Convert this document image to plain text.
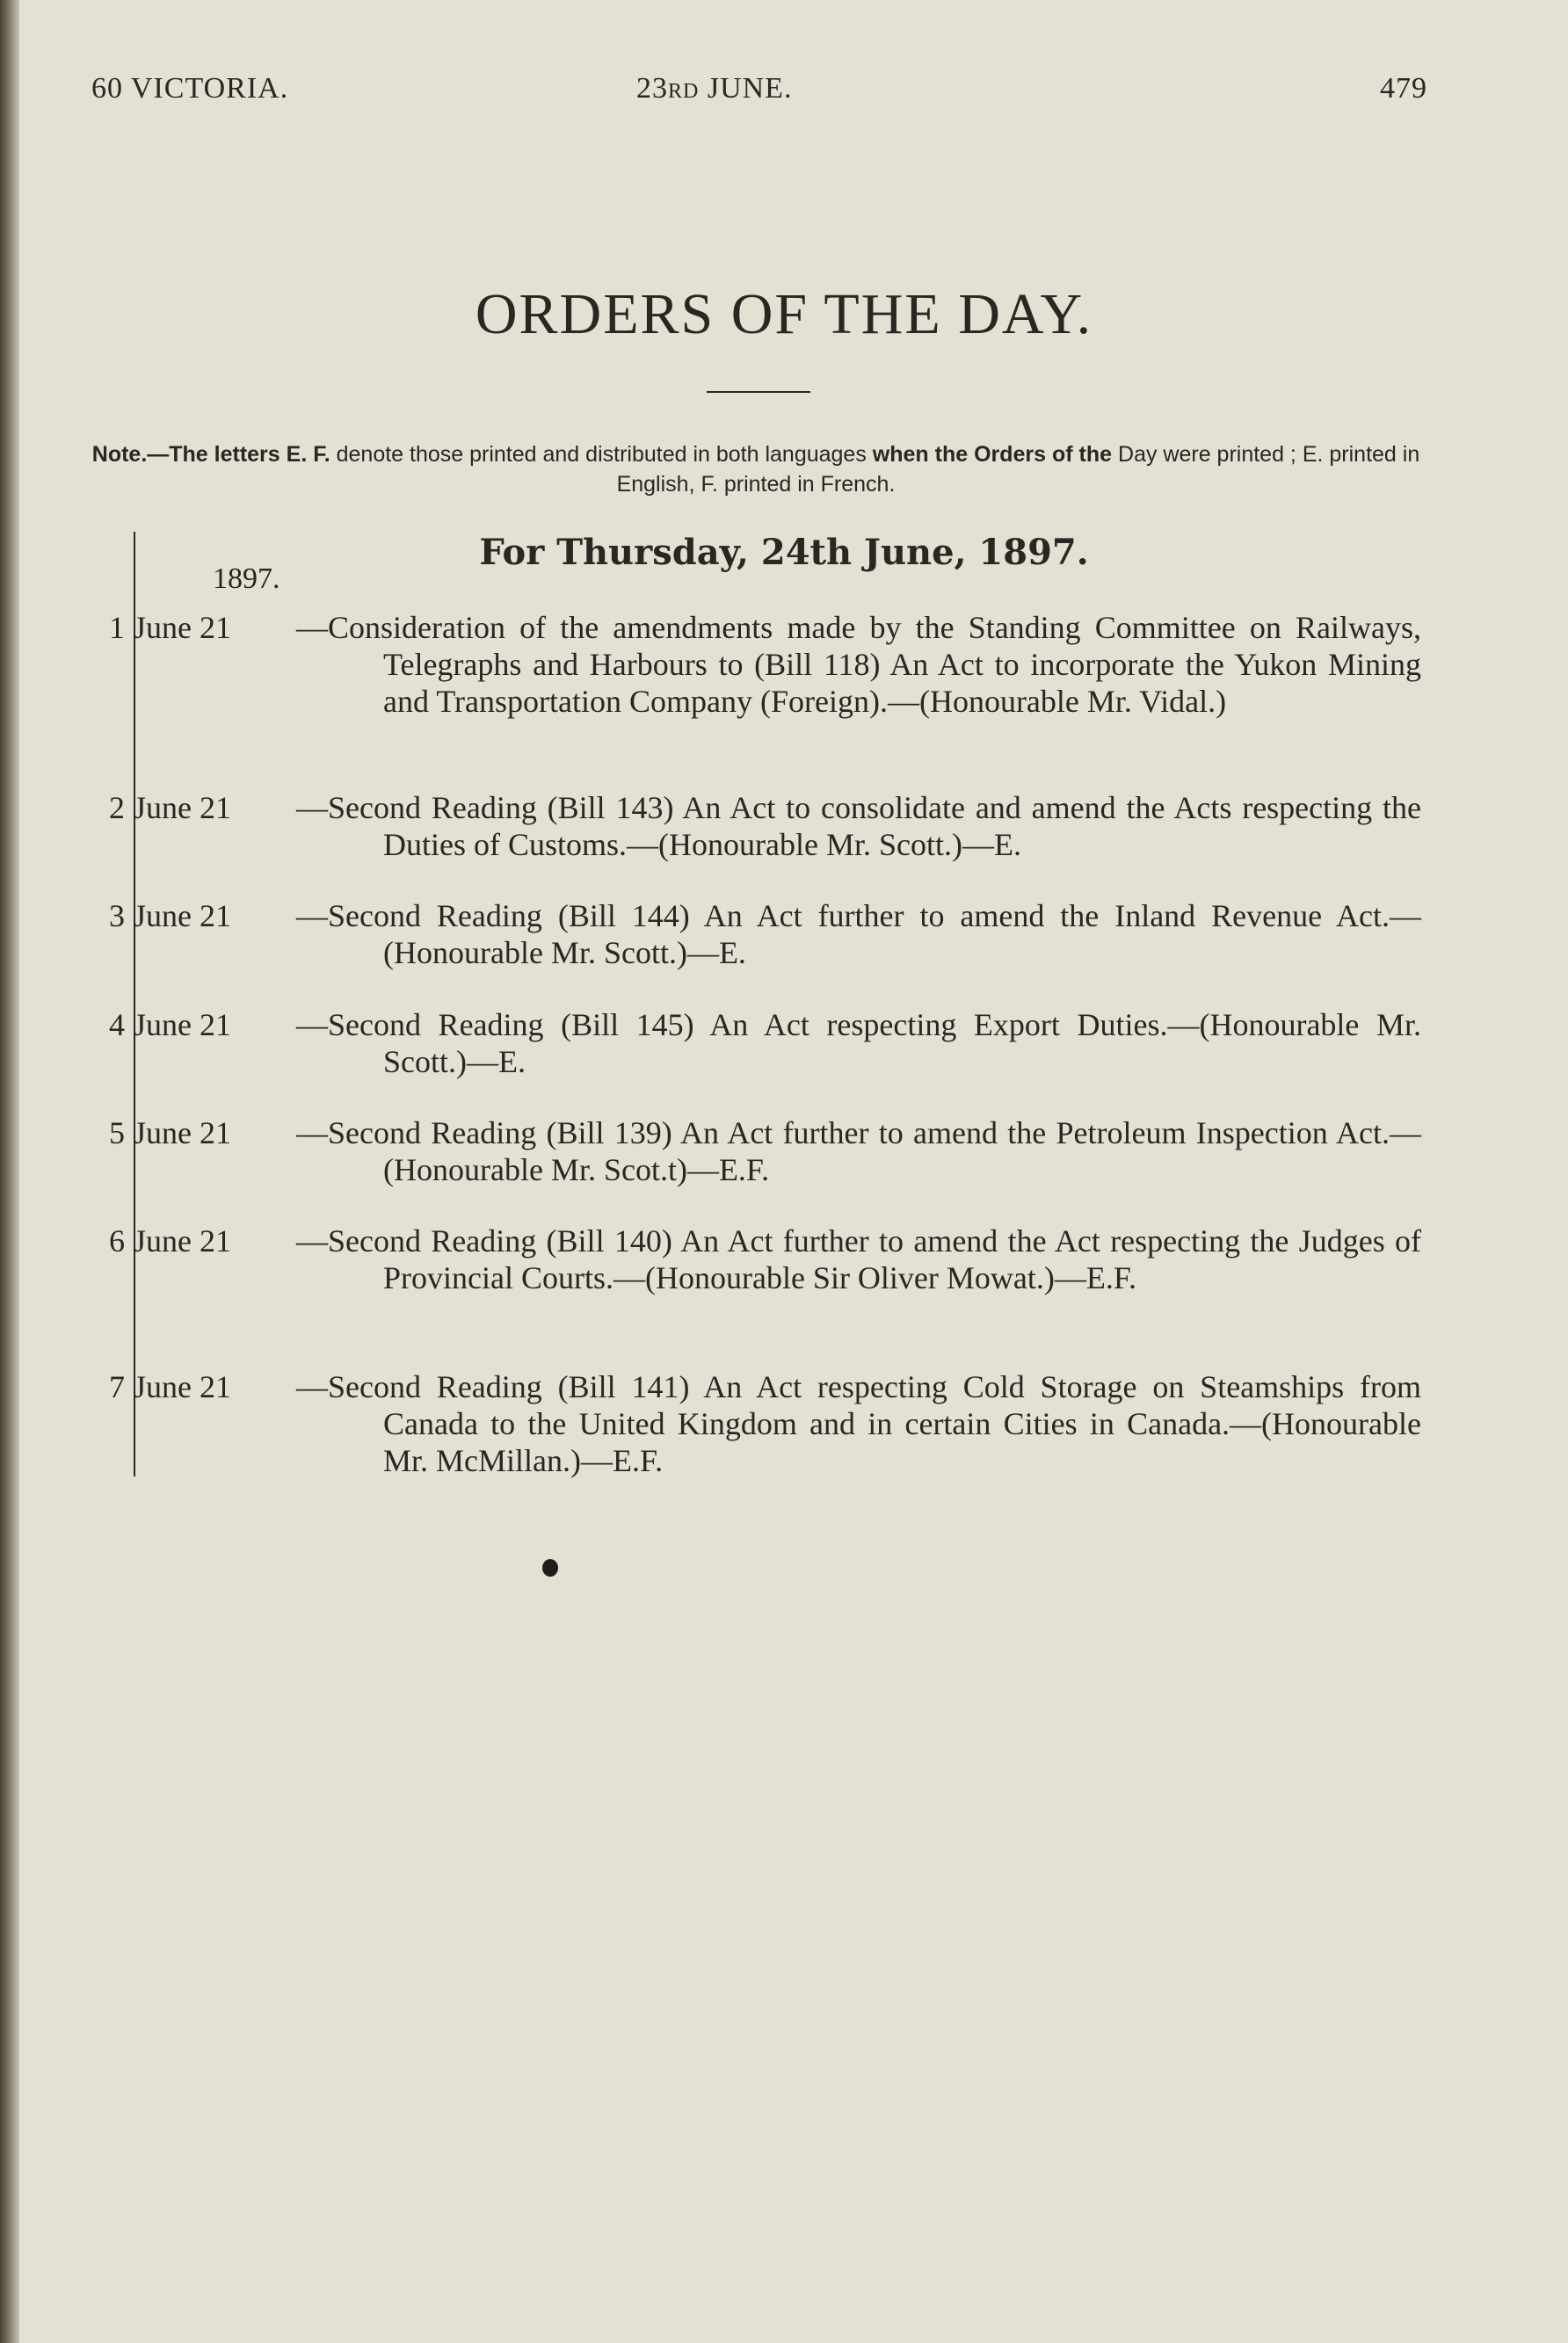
60 VICTORIA.	23RD JUNE.	479
ORDERS OF THE DAY.
Note.—The letters E. F. denote those printed and distributed in both languages when the Orders of the Day were printed ; E. printed in English, F. printed in French.
For Thursday, 24th June, 1897.
1897.
1 June 21 —Consideration of the amendments made by the Standing Committee on Railways, Telegraphs and Harbours to (Bill 118) An Act to incorporate the Yukon Mining and Transportation Company (Foreign).—(Honourable Mr. Vidal.)
2 June 21 —Second Reading (Bill 143) An Act to consolidate and amend the Acts respecting the Duties of Customs.—(Honourable Mr. Scott.)—E.
3 June 21 —Second Reading (Bill 144) An Act further to amend the Inland Revenue Act.—(Honourable Mr. Scott.)—E.
4 June 21 —Second Reading (Bill 145) An Act respecting Export Duties.—(Honourable Mr. Scott.)—E.
5 June 21 —Second Reading (Bill 139) An Act further to amend the Petroleum Inspection Act.—(Honourable Mr. Scot.t)—E.F.
6 June 21 —Second Reading (Bill 140) An Act further to amend the Act respecting the Judges of Provincial Courts.—(Honourable Sir Oliver Mowat.)—E.F.
7 June 21 —Second Reading (Bill 141) An Act respecting Cold Storage on Steamships from Canada to the United Kingdom and in certain Cities in Canada.—(Honourable Mr. McMillan.)—E.F.
